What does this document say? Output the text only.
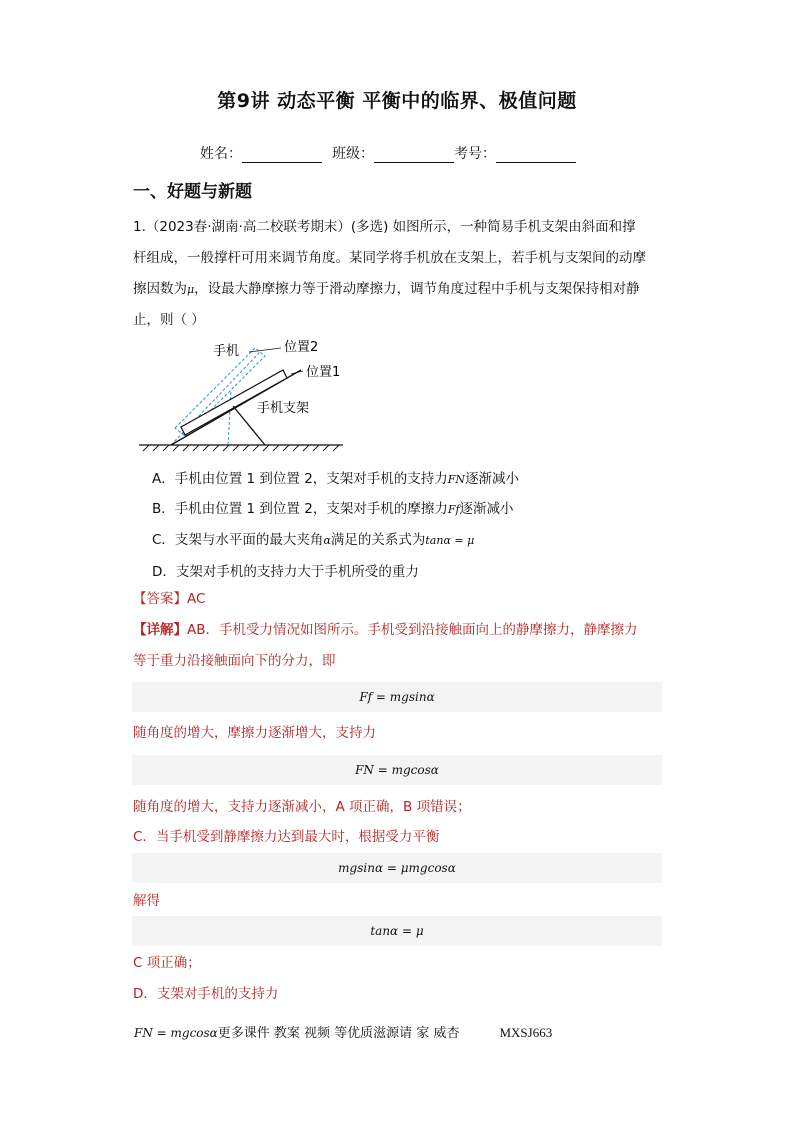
第9讲 动态平衡 平衡中的临界、极值问题
姓名：	班级：	考号：
一、好题与新题
1.（2023春·湖南·高二校联考期末）(多选) 如图所示，一种简易手机支架由斜面和撑
杆组成，一般撑杆可用来调节角度。某同学将手机放在支架上，若手机与支架间的动摩
擦因数为μ，设最大静摩擦力等于滑动摩擦力，调节角度过程中手机与支架保持相对静
止，则（ ）
手机	位置2
位置1
手机支架
A．手机由位置 1 到位置 2，支架对手机的支持力FN逐渐减小
B．手机由位置 1 到位置 2，支架对手机的摩擦力Ff逐渐减小
C．支架与水平面的最大夹角α满足的关系式为tanα = μ
D．支架对手机的支持力大于手机所受的重力
【答案】AC
【详解】AB．手机受力情况如图所示。手机受到沿接触面向上的静摩擦力，静摩擦力
等于重力沿接触面向下的分力，即
Ff = mgsinα
随角度的增大，摩擦力逐渐增大，支持力
FN = mgcosα
随角度的增大，支持力逐渐减小，A 项正确，B 项错误；
C．当手机受到静摩擦力达到最大时，根据受力平衡
mgsinα = μmgcosα
解得
tanα = μ
C 项正确；
D．支架对手机的支持力
FN = mgcosα更多课件 教案 视频 等优质滋源请 家 威杏	MXSJ663
